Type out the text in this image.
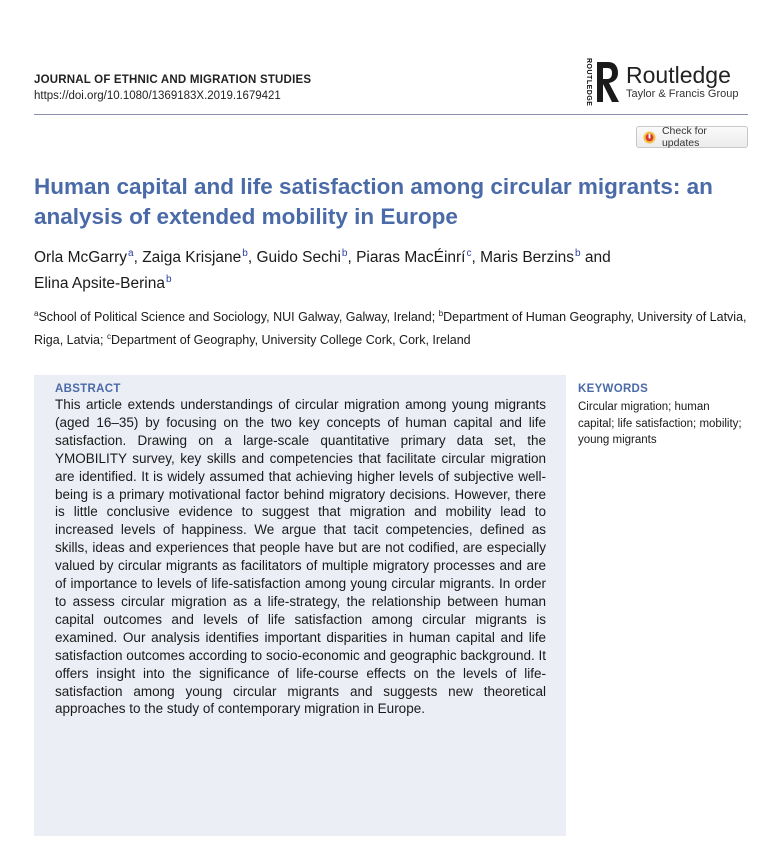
JOURNAL OF ETHNIC AND MIGRATION STUDIES
https://doi.org/10.1080/1369183X.2019.1679421	ROUTLEDGE Routledge
Taylor & Francis Group
Check for updates
Human capital and life satisfaction among circular migrants: an analysis of extended mobility in Europe
Orla McGarry$^a$, Zaiga Krisjane$^b$, Guido Sechi$^b$, Piaras MacÉinrí$^c$, Maris Berzins$^b$ and
Elina Apsite-Berina$^b$
$^a$School of Political Science and Sociology, NUI Galway, Galway, Ireland; $^b$Department of Human Geography, University of Latvia, Riga, Latvia; $^c$Department of Geography, University College Cork, Cork, Ireland
ABSTRACT
This article extends understandings of circular migration among young migrants (aged 16–35) by focusing on the two key concepts of human capital and life satisfaction. Drawing on a large-scale quantitative primary data set, the YMOBILITY survey, key skills and competencies that facilitate circular migration are identified. It is widely assumed that achieving higher levels of subjective well-being is a primary motivational factor behind migratory decisions. However, there is little conclusive evidence to suggest that migration and mobility lead to increased levels of happiness. We argue that tacit competencies, defined as skills, ideas and experiences that people have but are not codified, are especially valued by circular migrants as facilitators of multiple migratory processes and are of importance to levels of life-satisfaction among young circular migrants. In order to assess circular migration as a life-strategy, the relationship between human capital outcomes and levels of life satisfaction among circular migrants is examined. Our analysis identifies important disparities in human capital and life satisfaction outcomes according to socio-economic and geographic background. It offers insight into the significance of life-course effects on the levels of life-satisfaction among young circular migrants and suggests new theoretical approaches to the study of contemporary migration in Europe.
KEYWORDS
Circular migration; human capital; life satisfaction; mobility; young migrants
